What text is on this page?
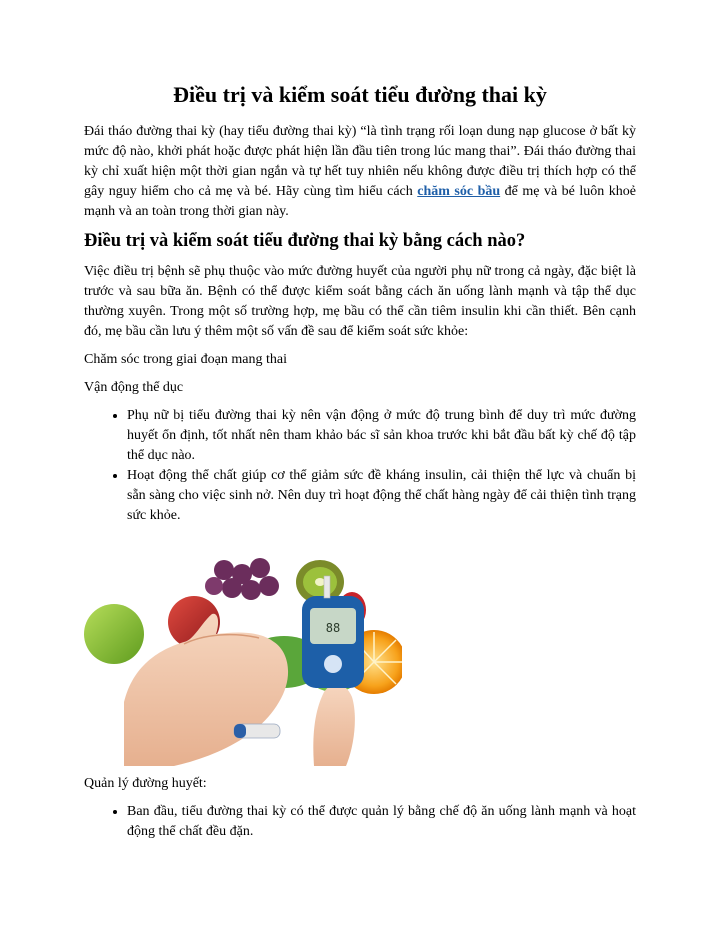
Điều trị và kiểm soát tiểu đường thai kỳ

Đái tháo đường thai kỳ (hay tiểu đường thai kỳ) “là tình trạng rối loạn dung nạp glucose ở bất kỳ mức độ nào, khởi phát hoặc được phát hiện lần đầu tiên trong lúc mang thai”. Đái tháo đường thai kỳ chỉ xuất hiện một thời gian ngắn và tự hết tuy nhiên nếu không được điều trị thích hợp có thể gây nguy hiểm cho cả mẹ và bé. Hãy cùng tìm hiểu cách chăm sóc bầu để mẹ và bé luôn khoẻ mạnh và an toàn trong thời gian này.

Điều trị và kiểm soát tiểu đường thai kỳ bằng cách nào?

Việc điều trị bệnh sẽ phụ thuộc vào mức đường huyết của người phụ nữ trong cả ngày, đặc biệt là trước và sau bữa ăn. Bệnh có thể được kiểm soát bằng cách ăn uống lành mạnh và tập thể dục thường xuyên. Trong một số trường hợp, mẹ bầu có thể cần tiêm insulin khi cần thiết. Bên cạnh đó, mẹ bầu cần lưu ý thêm một số vấn đề sau để kiểm soát sức khỏe:

Chăm sóc trong giai đoạn mang thai

Vận động thể dục

• Phụ nữ bị tiểu đường thai kỳ nên vận động ở mức độ trung bình để duy trì mức đường huyết ổn định, tốt nhất nên tham khảo bác sĩ sản khoa trước khi bắt đầu bất kỳ chế độ tập thể dục nào.
• Hoạt động thể chất giúp cơ thể giảm sức đề kháng insulin, cải thiện thể lực và chuẩn bị sẵn sàng cho việc sinh nở. Nên duy trì hoạt động thể chất hàng ngày để cải thiện tình trạng sức khỏe.
88

Quản lý đường huyết:

• Ban đầu, tiểu đường thai kỳ có thể được quản lý bằng chế độ ăn uống lành mạnh và hoạt động thể chất đều đặn.
